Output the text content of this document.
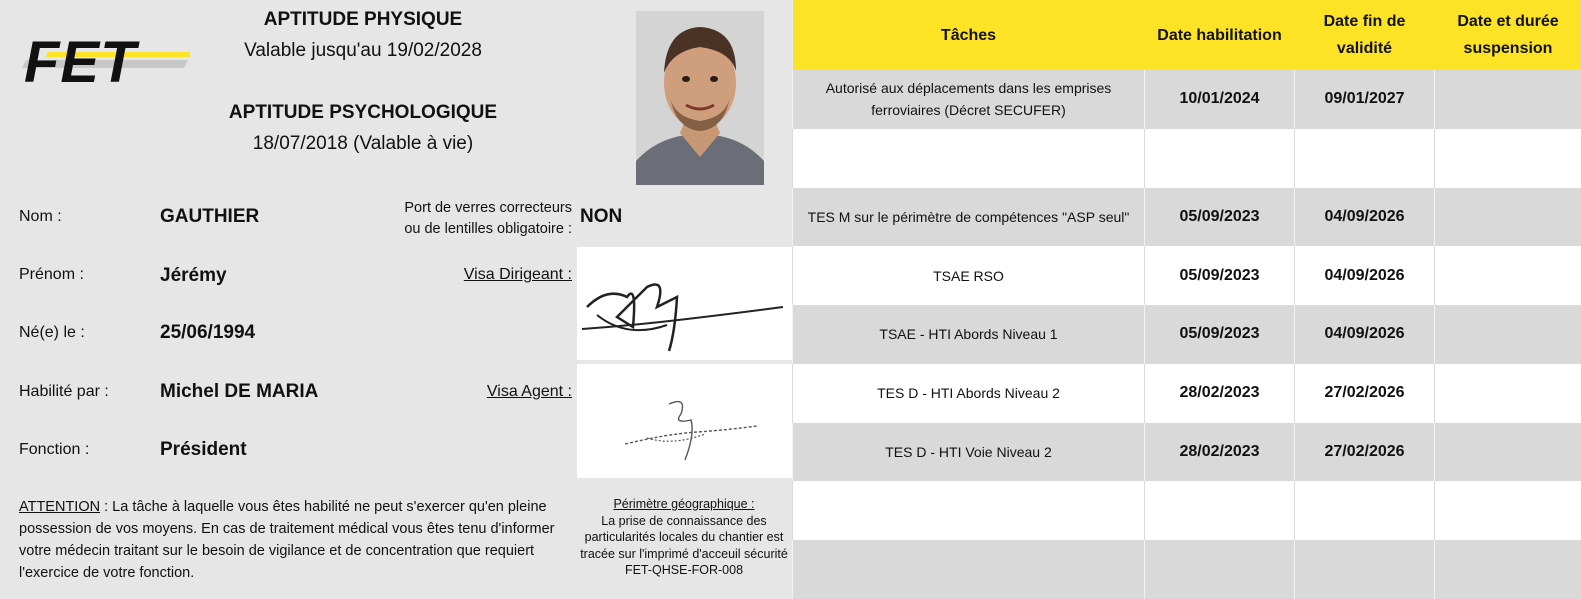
FET
APTITUDE PHYSIQUE
Valable jusqu'au 19/02/2028
APTITUDE PSYCHOLOGIQUE
18/07/2018 (Valable à vie)
Nom :	GAUTHIER
Prénom :	Jérémy
Né(e) le :	25/06/1994
Habilité par :	Michel DE MARIA
Fonction :	Président
Port de verres correcteurs
ou de lentilles obligatoire :
NON
Visa Dirigeant :
Visa Agent :
ATTENTION : La tâche à laquelle vous êtes habilité ne peut s'exercer qu'en pleine possession de vos moyens. En cas de traitement médical vous êtes tenu d'informer votre médecin traitant sur le besoin de vigilance et de concentration que requiert l'exercice de votre fonction.
Périmètre géographique :
La prise de connaissance des particularités locales du chantier est tracée sur l'imprimé d'acceuil sécurité FET-QHSE-FOR-008
Tâches	Date habilitation	Date fin de validité	Date et durée suspension
Autorisé aux déplacements dans les emprises ferroviaires (Décret SECUFER)	10/01/2024	09/01/2027	

TES M sur le périmètre de compétences "ASP seul"	05/09/2023	04/09/2026	
TSAE RSO	05/09/2023	04/09/2026	
TSAE - HTI Abords Niveau 1	05/09/2023	04/09/2026	
TES D - HTI Abords Niveau 2	28/02/2023	27/02/2026	
TES D - HTI Voie Niveau 2	28/02/2023	27/02/2026	
